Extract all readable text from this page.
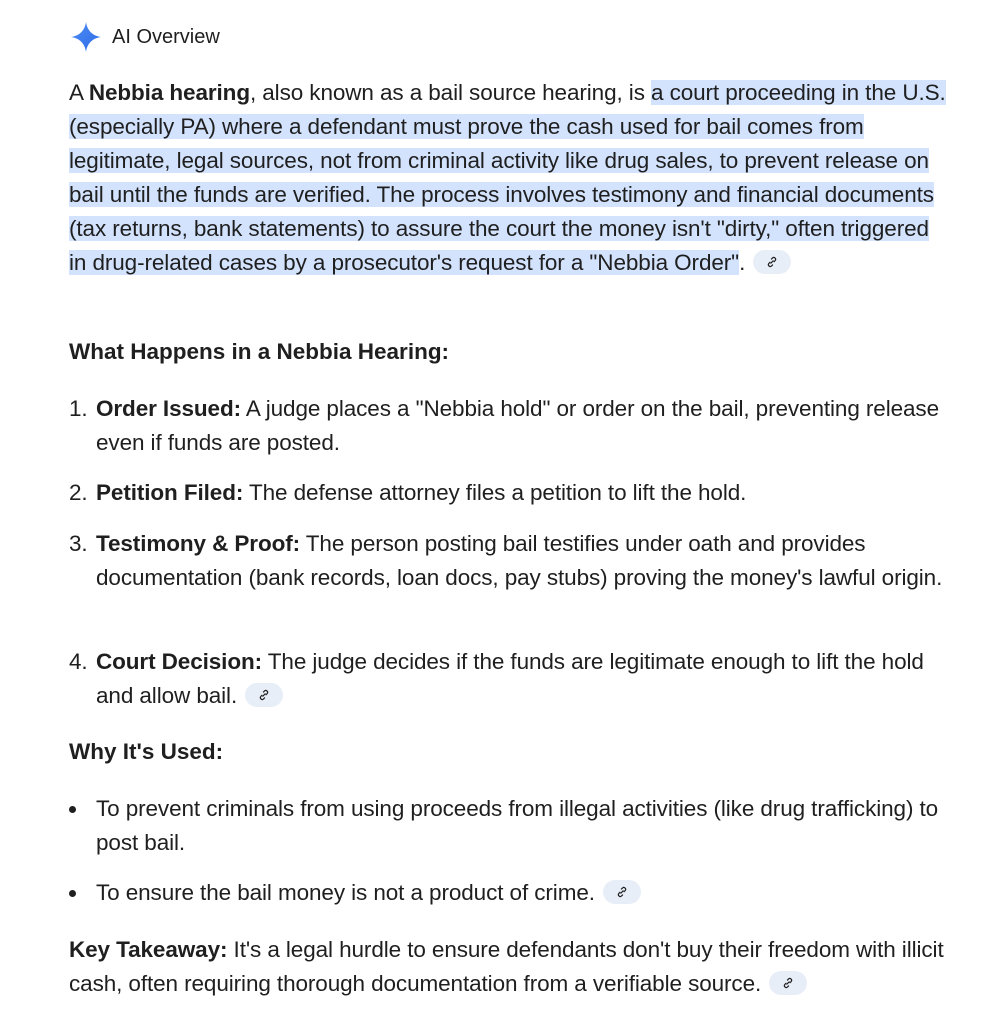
AI Overview
A Nebbia hearing, also known as a bail source hearing, is a court proceeding in the U.S. (especially PA) where a defendant must prove the cash used for bail comes from legitimate, legal sources, not from criminal activity like drug sales, to prevent release on bail until the funds are verified. The process involves testimony and financial documents (tax returns, bank statements) to assure the court the money isn't "dirty," often triggered in drug-related cases by a prosecutor's request for a "Nebbia Order".
What Happens in a Nebbia Hearing:
1. Order Issued: A judge places a "Nebbia hold" or order on the bail, preventing release even if funds are posted.
2. Petition Filed: The defense attorney files a petition to lift the hold.
3. Testimony & Proof: The person posting bail testifies under oath and provides documentation (bank records, loan docs, pay stubs) proving the money's lawful origin.
4. Court Decision: The judge decides if the funds are legitimate enough to lift the hold and allow bail.
Why It's Used:
To prevent criminals from using proceeds from illegal activities (like drug trafficking) to post bail.
To ensure the bail money is not a product of crime.
Key Takeaway: It's a legal hurdle to ensure defendants don't buy their freedom with illicit cash, often requiring thorough documentation from a verifiable source.
